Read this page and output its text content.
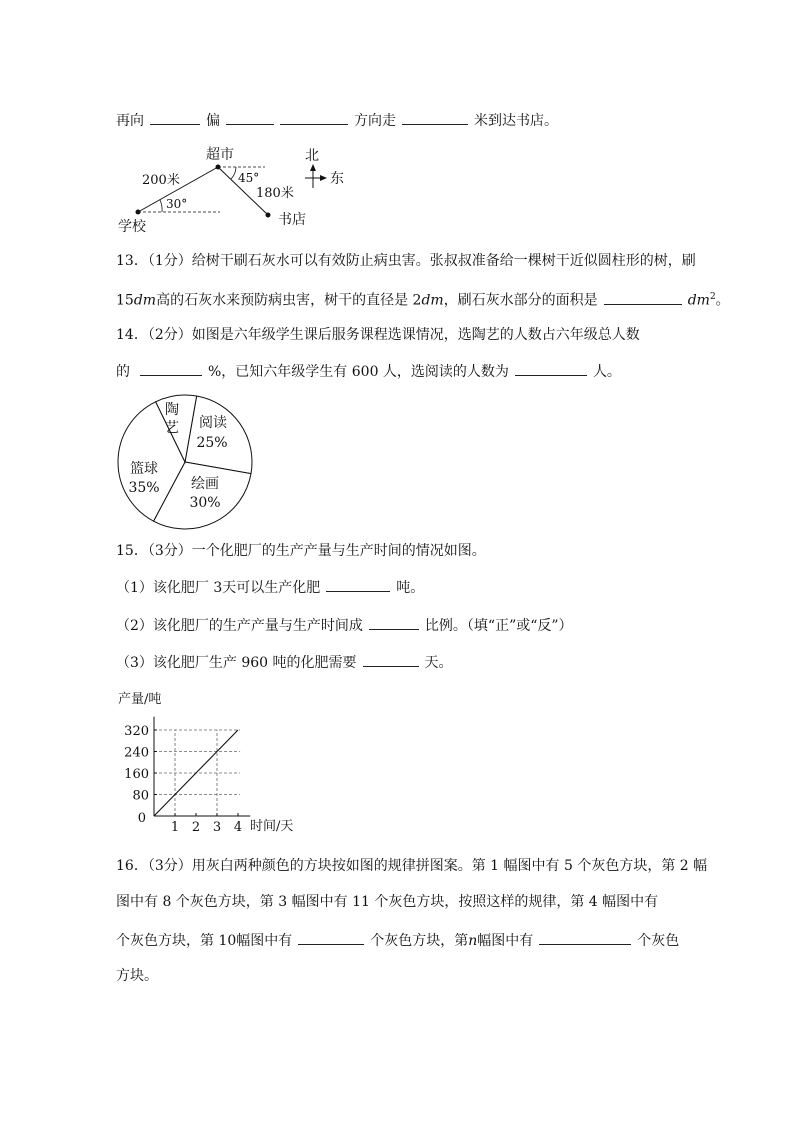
再向	偏	方向走	米到达书店。
超市
学校	书店
200米
180米
30°
45°
北
东
13．（1分）给树干刷石灰水可以有效防止病虫害。张叔叔准备给一棵树干近似圆柱形的树，刷
15dm高的石灰水来预防病虫害，树干的直径是 2dm，刷石灰水部分的面积是	$dm^2$。
14．（2分）如图是六年级学生课后服务课程选课情况，选陶艺的人数占六年级总人数
的	%，已知六年级学生有 600 人，选阅读的人数为	人。
阅读
25%
绘画
30%
篮球
35%
陶
艺
15．（3分）一个化肥厂的生产产量与生产时间的情况如图。
（1）该化肥厂 3天可以生产化肥	吨。
（2）该化肥厂的生产产量与生产时间成	比例。（填“正”或“反”）
（3）该化肥厂生产 960 吨的化肥需要	天。
1 2 3 4
80
160
240
320
0
产量/吨
时间/天
16．（3分）用灰白两种颜色的方块按如图的规律拼图案。第 1 幅图中有 5 个灰色方块，第 2 幅
图中有 8 个灰色方块，第 3 幅图中有 11 个灰色方块，按照这样的规律，第 4 幅图中有
个灰色方块，第 10幅图中有	个灰色方块，第n幅图中有	个灰色
方块。
